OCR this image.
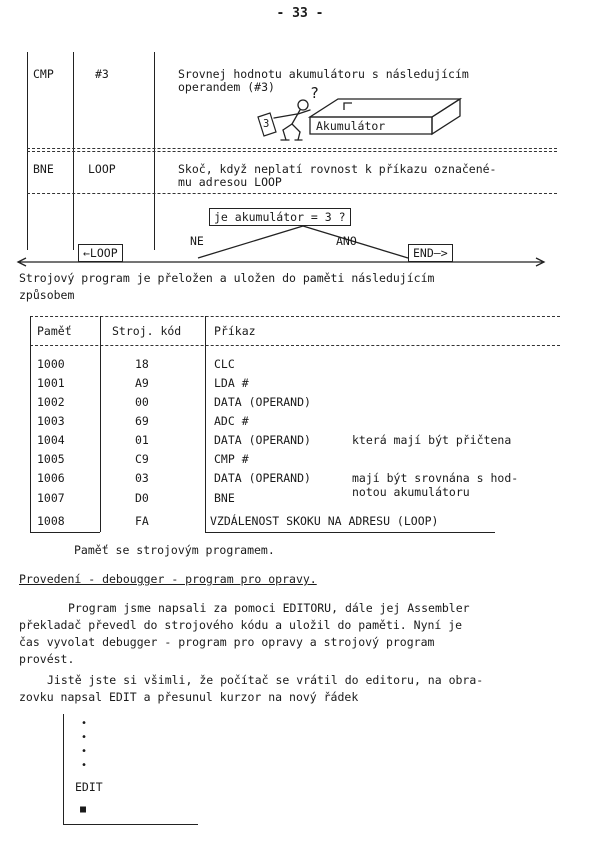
- 33 -
CMP	#3	Srovnej hodnotu akumulátoru s následujícím
operandem (#3)
BNE	LOOP	Skoč, když neplatí rovnost k příkazu označené-
mu adresou LOOP
3	Akumulátor
?
je akumulátor = 3 ?
NE	ANO
←LOOP	END—>
Strojový program je přeložen a uložen do paměti následujícím
způsobem
Paměť	Stroj. kód	Příkaz
1000	18	CLC
1001	A9	LDA #
1002	00	DATA (OPERAND)
1003	69	ADC #
1004	01	DATA (OPERAND)	která mají být přičtena
1005	C9	CMP #
1006	03	DATA (OPERAND)	mají být srovnána s hod-
1007	D0	BNE	notou akumulátoru
1008	FA	VZDÁLENOST SKOKU NA ADRESU (LOOP)
Paměť se strojovým programem.
Provedení - debougger - program pro opravy.
Program jsme napsali za pomoci EDITORU, dále jej Assembler
překladač převedl do strojového kódu a uložil do paměti. Nyní je
čas vyvolat debugger - program pro opravy a strojový program
provést.
Jistě jste si všimli, že počítač se vrátil do editoru, na obra-
zovku napsal EDIT a přesunul kurzor na nový řádek
•
•
•
•
EDIT
■
